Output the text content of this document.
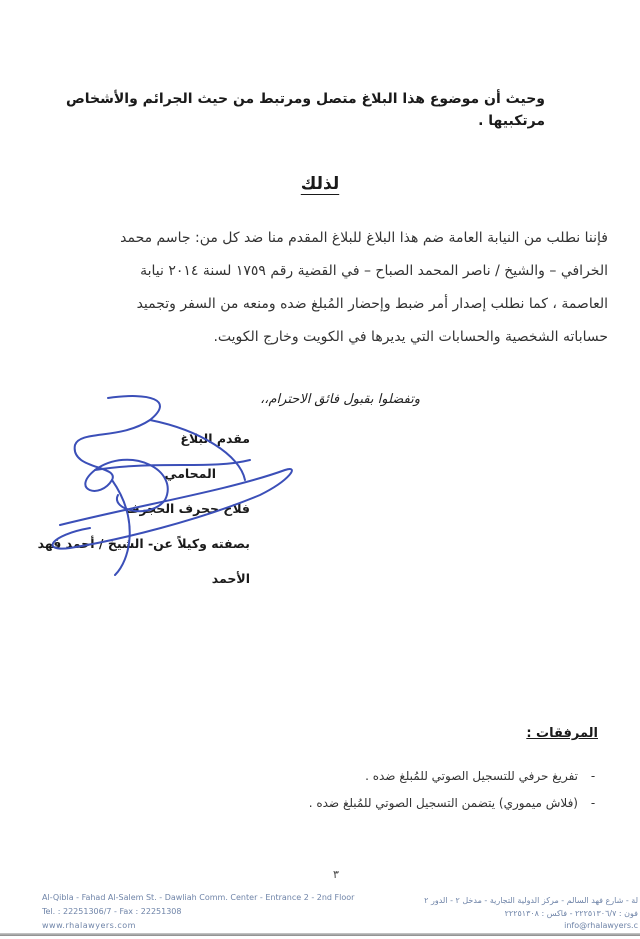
وحيث أن موضوع هذا البلاغ متصل ومرتبط من حيث الجرائم والأشخاص مرتكبيها .
لذلك

فإننا نطلب من النيابة العامة ضم هذا البلاغ للبلاغ المقدم منا ضد كل من: جاسم محمد

الخرافي – والشيخ / ناصر المحمد الصباح – في القضية رقم ١٧٥٩ لسنة ٢٠١٤ نيابة

العاصمة ، كما نطلب إصدار أمر ضبط وإحضار المُبلغ ضده ومنعه من السفر وتجميد

حساباته الشخصية والحسابات التي يديرها في الكويت وخارج الكويت.

وتفضلوا بقبول فائق الاحترام،،
مقدم البلاغ
المحامي
فلاح حجرف الحجرف
بصفته وكيلاً عن- الشيخ / أحمد فهد الأحمد
المرفقات :
-
تفريغ حرفي للتسجيل الصوتي للمُبلغ ضده .
-
(فلاش ميموري) يتضمن التسجيل الصوتي للمُبلغ ضده .
٣
Al-Qibla - Fahad Al-Salem St. - Dawliah Comm. Center - Entrance 2 - 2nd Floor
Tel. : 22251306/7 - Fax : 22251308
www.rhalawyers.com
لة - شارع فهد السالم - مركز الدولية التجارية - مدخل ٢ - الدور ٢
فون : ٢٢٢٥١٣٠٦/٧ - فاكس : ٢٢٢٥١٣٠٨
info@rhalawyers.c
